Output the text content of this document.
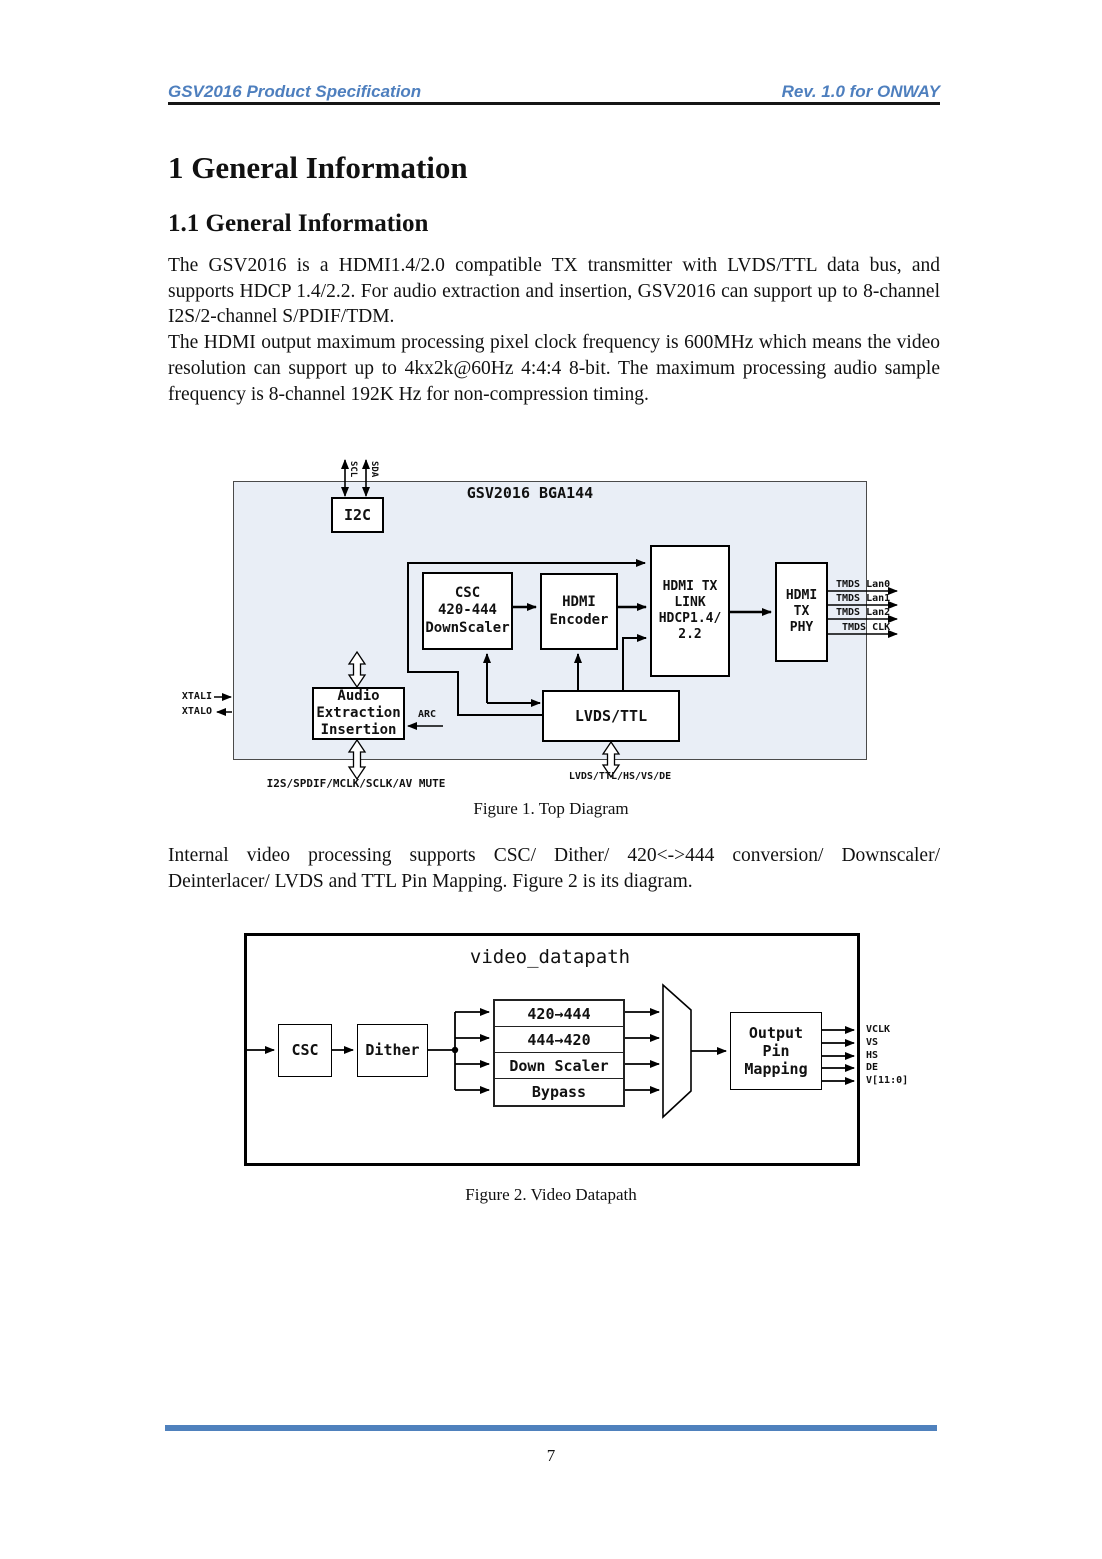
GSV2016 Product Specification	Rev. 1.0 for ONWAY
1 General Information
1.1 General Information

The GSV2016 is a HDMI1.4/2.0 compatible TX transmitter with LVDS/TTL data bus, and supports HDCP 1.4/2.2. For audio extraction and insertion, GSV2016 can support up to 8-channel I2S/2-channel S/PDIF/TDM.

The HDMI output maximum processing pixel clock frequency is 600MHz which means the video resolution can support up to 4kx2k@60Hz 4:4:4 8-bit. The maximum processing audio sample frequency is 8-channel 192K Hz for non-compression timing.

GSV2016 BGA144
I2C
CSC
420-444
DownScaler
HDMI
Encoder
HDMI TX
LINK
HDCP1.4/
2.2
HDMI
TX
PHY
LVDS/TTL
Audio
Extraction
Insertion
SCL SDA
XTALI
XTALO	ARC
TMDS Lan0
TMDS Lan1
TMDS Lan2
TMDS CLK
I2S/SPDIF/MCLK/SCLK/AV MUTE
LVDS/TTL/HS/VS/DE
Figure 1. Top Diagram
Internal video processing supports CSC/ Dither/ 420<->444 conversion/ Downscaler/ Deinterlacer/ LVDS and TTL Pin Mapping. Figure 2 is its diagram.
video_datapath
CSC	Dither
420→444
444→420
Down Scaler
Bypass
Output
Pin
Mapping
VCLK
VS
HS
DE
V[11:0]
Figure 2. Video Datapath
7
